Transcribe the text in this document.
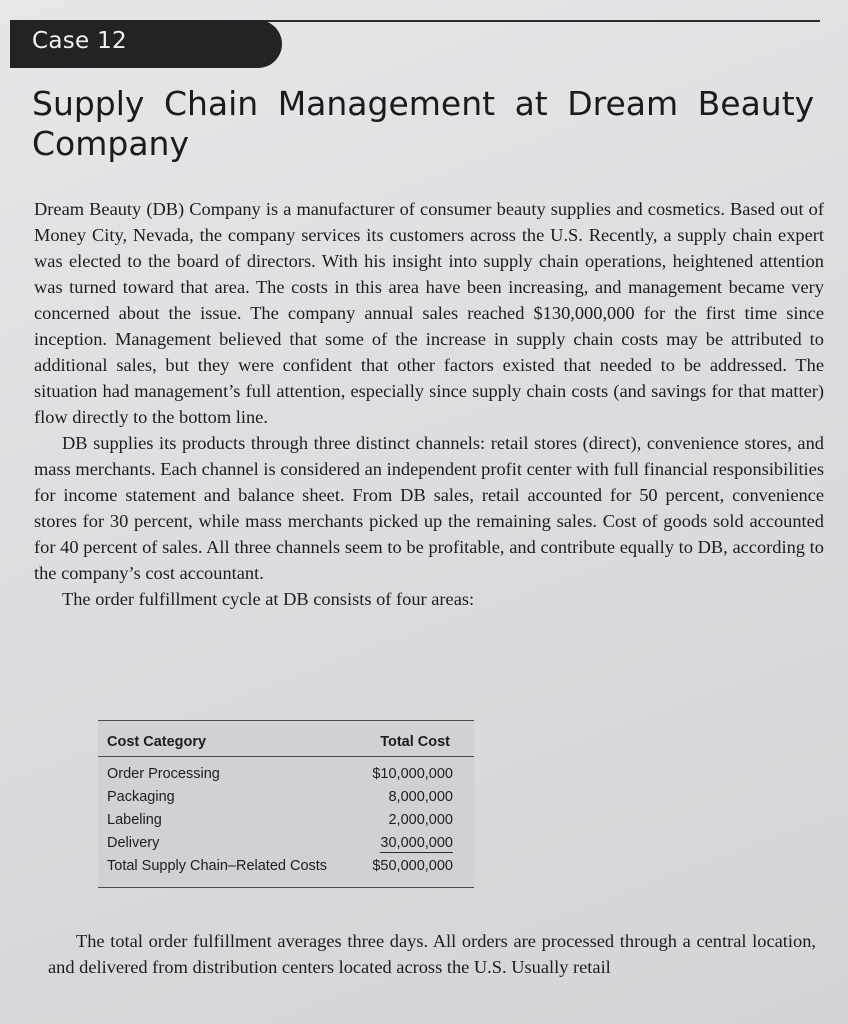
Case 12
Supply Chain Management at Dream Beauty Company

Dream Beauty (DB) Company is a manufacturer of consumer beauty supplies and cosmetics. Based out of Money City, Nevada, the company services its customers across the U.S. Recently, a supply chain expert was elected to the board of directors. With his insight into supply chain operations, heightened attention was turned toward that area. The costs in this area have been increasing, and management became very concerned about the issue. The company annual sales reached $130,000,000 for the first time since inception. Management believed that some of the increase in supply chain costs may be attributed to additional sales, but they were confident that other factors existed that needed to be addressed. The situation had management’s full attention, especially since supply chain costs (and savings for that matter) flow directly to the bottom line.

DB supplies its products through three distinct channels: retail stores (direct), convenience stores, and mass merchants. Each channel is considered an independent profit center with full financial responsibilities for income statement and balance sheet. From DB sales, retail accounted for 50 percent, convenience stores for 30 percent, while mass merchants picked up the remaining sales. Cost of goods sold accounted for 40 percent of sales. All three channels seem to be profitable, and contribute equally to DB, according to the company’s cost accountant.

The order fulfillment cycle at DB consists of four areas:

Cost Category	Total Cost
Order Processing	$10,000,000
Packaging	8,000,000
Labeling	2,000,000
Delivery	30,000,000
Total Supply Chain–Related Costs	$50,000,000

The total order fulfillment averages three days. All orders are processed through a central location, and delivered from distribution centers located across the U.S. Usually retail
